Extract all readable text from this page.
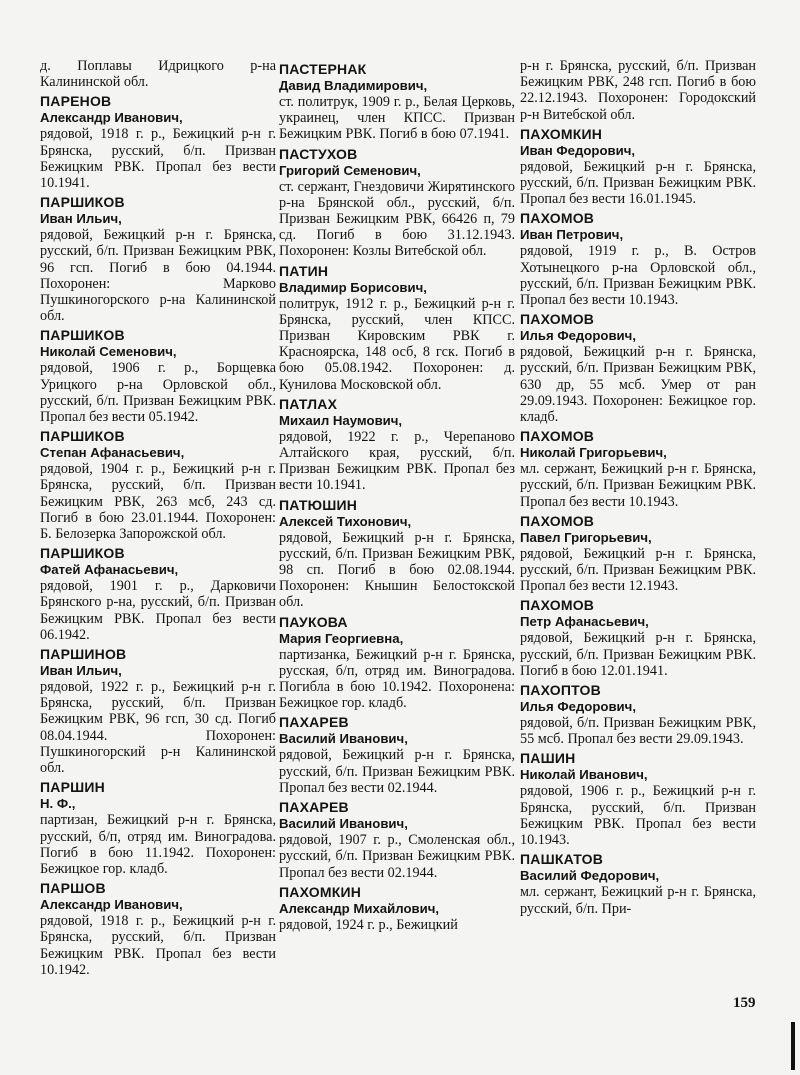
д. Поплавы Идрицкого р-на Калининской обл.
ПАРЕНОВ
Александр Иванович,
рядовой, 1918 г. р., Бежицкий р-н г. Брянска, русский, б/п. Призван Бежицким РВК. Пропал без вести 10.1941.
ПАРШИКОВ
Иван Ильич,
рядовой, Бежицкий р-н г. Брянска, русский, б/п. Призван Бежицким РВК, 96 гсп. Погиб в бою 04.1944. Похоронен: Марково Пушкиногорского р-на Калининской обл.
ПАРШИКОВ
Николай Семенович,
рядовой, 1906 г. р., Борщевка Урицкого р-на Орловской обл., русский, б/п. Призван Бежицким РВК. Пропал без вести 05.1942.
ПАРШИКОВ
Степан Афанасьевич,
рядовой, 1904 г. р., Бежицкий р-н г. Брянска, русский, б/п. Призван Бежицким РВК, 263 мсб, 243 сд. Погиб в бою 23.01.1944. Похоронен: Б. Белозерка Запорожской обл.
ПАРШИКОВ
Фатей Афанасьевич,
рядовой, 1901 г. р., Дарковичи Брянского р-на, русский, б/п. Призван Бежицким РВК. Пропал без вести 06.1942.
ПАРШИНОВ
Иван Ильич,
рядовой, 1922 г. р., Бежицкий р-н г. Брянска, русский, б/п. Призван Бежицким РВК, 96 гсп, 30 сд. Погиб 08.04.1944. Похоронен: Пушкиногорский р-н Калининской обл.
ПАРШИН
Н. Ф.,
партизан, Бежицкий р-н г. Брянска, русский, б/п, отряд им. Виноградова. Погиб в бою 11.1942. Похоронен: Бежицкое гор. кладб.
ПАРШОВ
Александр Иванович,
рядовой, 1918 г. р., Бежицкий р-н г. Брянска, русский, б/п. Призван Бежицким РВК. Пропал без вести 10.1942.
ПАСТЕРНАК
Давид Владимирович,
ст. политрук, 1909 г. р., Белая Церковь, украинец, член КПСС. Призван Бежицким РВК. Погиб в бою 07.1941.
ПАСТУХОВ
Григорий Семенович,
ст. сержант, Гнездовичи Жирятинского р-на Брянской обл., русский, б/п. Призван Бежицким РВК, 66426 п, 79 сд. Погиб в бою 31.12.1943. Похоронен: Козлы Витебской обл.
ПАТИН
Владимир Борисович,
политрук, 1912 г. р., Бежицкий р-н г. Брянска, русский, член КПСС. Призван Кировским РВК г. Красноярска, 148 осб, 8 гск. Погиб в бою 05.08.1942. Похоронен: д. Кунилова Московской обл.
ПАТЛАХ
Михаил Наумович,
рядовой, 1922 г. р., Черепаново Алтайского края, русский, б/п. Призван Бежицким РВК. Пропал без вести 10.1941.
ПАТЮШИН
Алексей Тихонович,
рядовой, Бежицкий р-н г. Брянска, русский, б/п. Призван Бежицким РВК, 98 сп. Погиб в бою 02.08.1944. Похоронен: Кнышин Белостокской обл.
ПАУКОВА
Мария Георгиевна,
партизанка, Бежицкий р-н г. Брянска, русская, б/п, отряд им. Виноградова. Погибла в бою 10.1942. Похоронена: Бежицкое гор. кладб.
ПАХАРЕВ
Василий Иванович,
рядовой, Бежицкий р-н г. Брянска, русский, б/п. Призван Бежицким РВК. Пропал без вести 02.1944.
ПАХАРЕВ
Василий Иванович,
рядовой, 1907 г. р., Смоленская обл., русский, б/п. Призван Бежицким РВК. Пропал без вести 02.1944.
ПАХОМКИН
Александр Михайлович,
рядовой, 1924 г. р., Бежицкий
р-н г. Брянска, русский, б/п. Призван Бежицким РВК, 248 гсп. Погиб в бою 22.12.1943. Похоронен: Городокский р-н Витебской обл.
ПАХОМКИН
Иван Федорович,
рядовой, Бежицкий р-н г. Брянска, русский, б/п. Призван Бежицким РВК. Пропал без вести 16.01.1945.
ПАХОМОВ
Иван Петрович,
рядовой, 1919 г. р., В. Остров Хотынецкого р-на Орловской обл., русский, б/п. Призван Бежицким РВК. Пропал без вести 10.1943.
ПАХОМОВ
Илья Федорович,
рядовой, Бежицкий р-н г. Брянска, русский, б/п. Призван Бежицким РВК, 630 др, 55 мсб. Умер от ран 29.09.1943. Похоронен: Бежицкое гор. кладб.
ПАХОМОВ
Николай Григорьевич,
мл. сержант, Бежицкий р-н г. Брянска, русский, б/п. Призван Бежицким РВК. Пропал без вести 10.1943.
ПАХОМОВ
Павел Григорьевич,
рядовой, Бежицкий р-н г. Брянска, русский, б/п. Призван Бежицким РВК. Пропал без вести 12.1943.
ПАХОМОВ
Петр Афанасьевич,
рядовой, Бежицкий р-н г. Брянска, русский, б/п. Призван Бежицким РВК. Погиб в бою 12.01.1941.
ПАХОПТОВ
Илья Федорович,
рядовой, б/п. Призван Бежицким РВК, 55 мсб. Пропал без вести 29.09.1943.
ПАШИН
Николай Иванович,
рядовой, 1906 г. р., Бежицкий р-н г. Брянска, русский, б/п. Призван Бежицким РВК. Пропал без вести 10.1943.
ПАШКАТОВ
Василий Федорович,
мл. сержант, Бежицкий р-н г. Брянска, русский, б/п. При-
159
